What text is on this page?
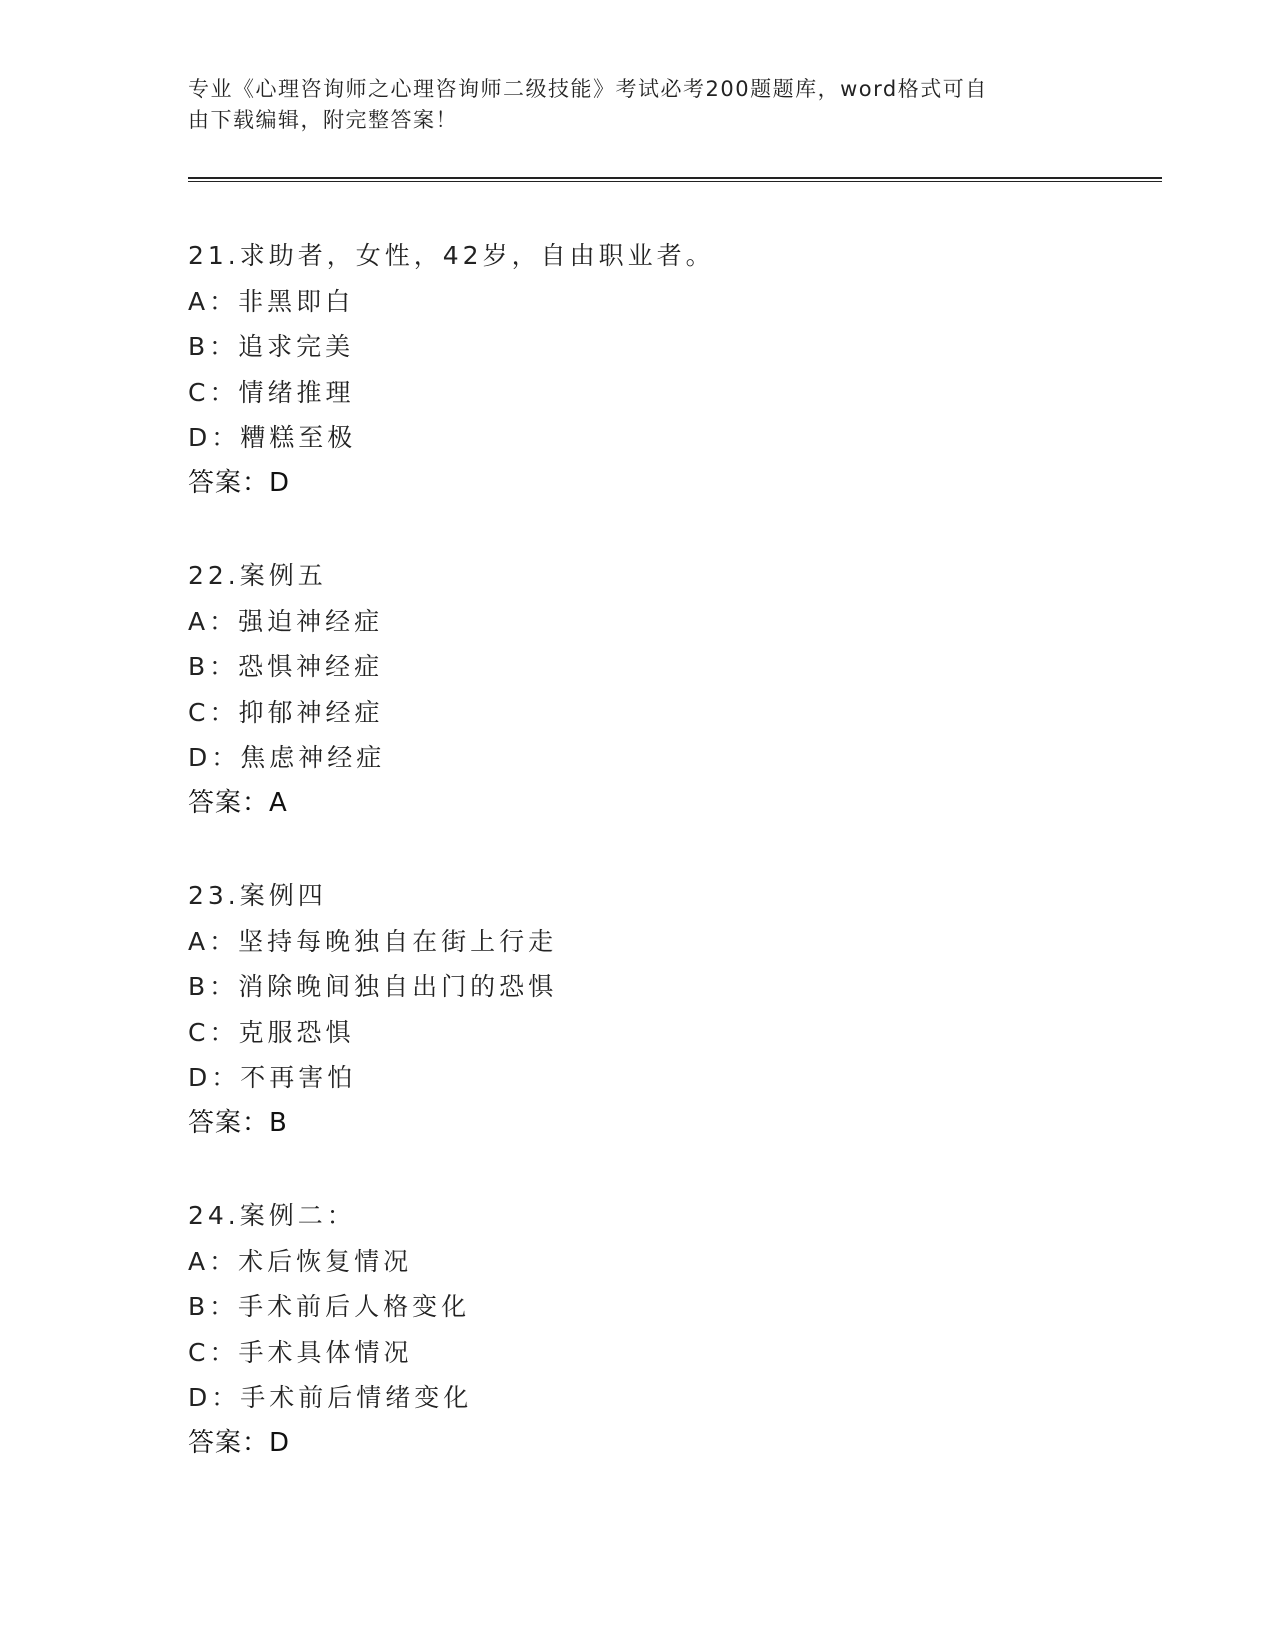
专业《心理咨询师之心理咨询师二级技能》考试必考200题题库，word格式可自
由下载编辑，附完整答案！
21.求助者，女性，42岁，自由职业者。
A：非黑即白
B：追求完美
C：情绪推理
D：糟糕至极
答案：D
22.案例五
A：强迫神经症
B：恐惧神经症
C：抑郁神经症
D：焦虑神经症
答案：A
23.案例四
A：坚持每晚独自在街上行走
B：消除晚间独自出门的恐惧
C：克服恐惧
D：不再害怕
答案：B
24.案例二：
A：术后恢复情况
B：手术前后人格变化
C：手术具体情况
D：手术前后情绪变化
答案：D
